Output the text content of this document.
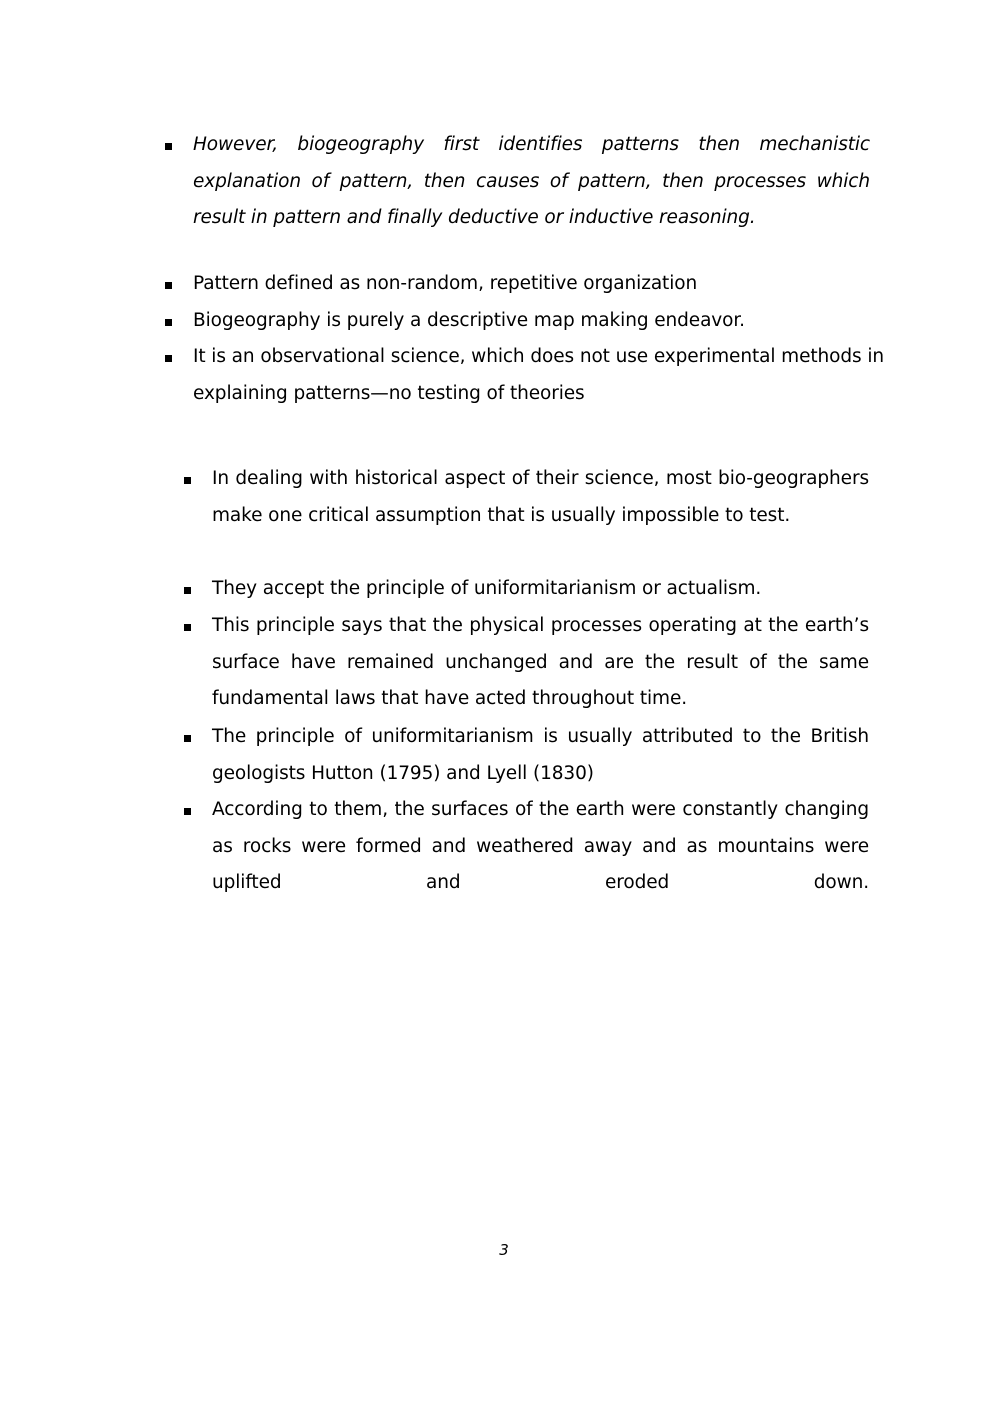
However, biogeography first identifies patterns then mechanistic explanation of pattern, then causes of pattern, then processes which result in pattern and finally deductive or inductive reasoning.
Pattern defined as non-random, repetitive organization
Biogeography is purely a descriptive map making endeavor.
It is an observational science, which does not use experimental methods in explaining patterns—no testing of theories
In dealing with historical aspect of their science, most bio-geographers make one critical assumption that is usually impossible to test.
They accept the principle of uniformitarianism or actualism.
This principle says that the physical processes operating at the earth’s surface have remained unchanged and are the result of the same fundamental laws that have acted throughout time.
The principle of uniformitarianism is usually attributed to the British geologists Hutton (1795) and Lyell (1830)
According to them, the surfaces of the earth were constantly changing as rocks were formed and weathered away and as mountains were uplifted and eroded down.
3
